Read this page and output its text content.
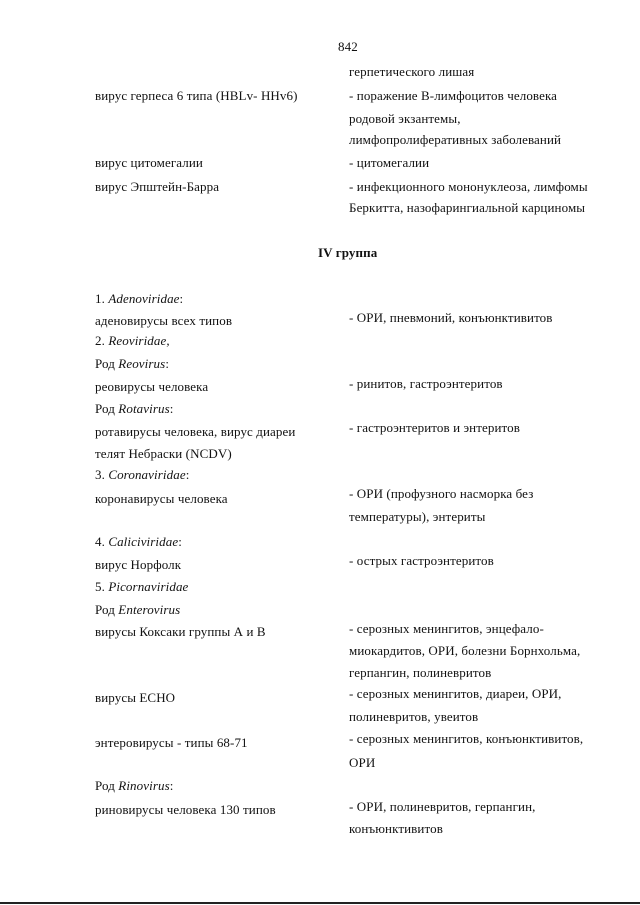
842
герпетического лишая
вирус герпеса 6 типа (HBLv- HHv6)	- поражение В-лимфоцитов человека
родовой экзантемы,
лимфопролиферативных заболеваний
вирус цитомегалии	- цитомегалии
вирус Эпштейн-Барра	- инфекционного мононуклеоза, лимфомы
Беркитта, назофарингиальной карциномы
IV группа
1. Adenoviridae:
аденовирусы всех типов	- ОРИ, пневмоний, конъюнктивитов
2. Reoviridae,
Род Reovirus:
реовирусы человека	- ринитов, гастроэнтеритов
Род Rotavirus:
ротавирусы человека, вирус диареи	- гастроэнтеритов и энтеритов
телят Небраски (NCDV)
3. Coronaviridae:
коронавирусы человека	- ОРИ (профузного насморка без
температуры), энтериты
4. Caliciviridae:
вирус Норфолк	- острых гастроэнтеритов
5. Picornaviridae
Род Enterovirus
вирусы Коксаки группы А и В	- серозных менингитов, энцефало-
миокардитов, ОРИ, болезни Борнхольма,
герпангин, полиневритов
вирусы ЕСНО	- серозных менингитов, диареи, ОРИ,
полиневритов, увеитов
энтеровирусы - типы 68-71	- серозных менингитов, конъюнктивитов,
ОРИ
Род Rinovirus:
риновирусы человека 130 типов	- ОРИ, полиневритов, герпангин,
конъюнктивитов
